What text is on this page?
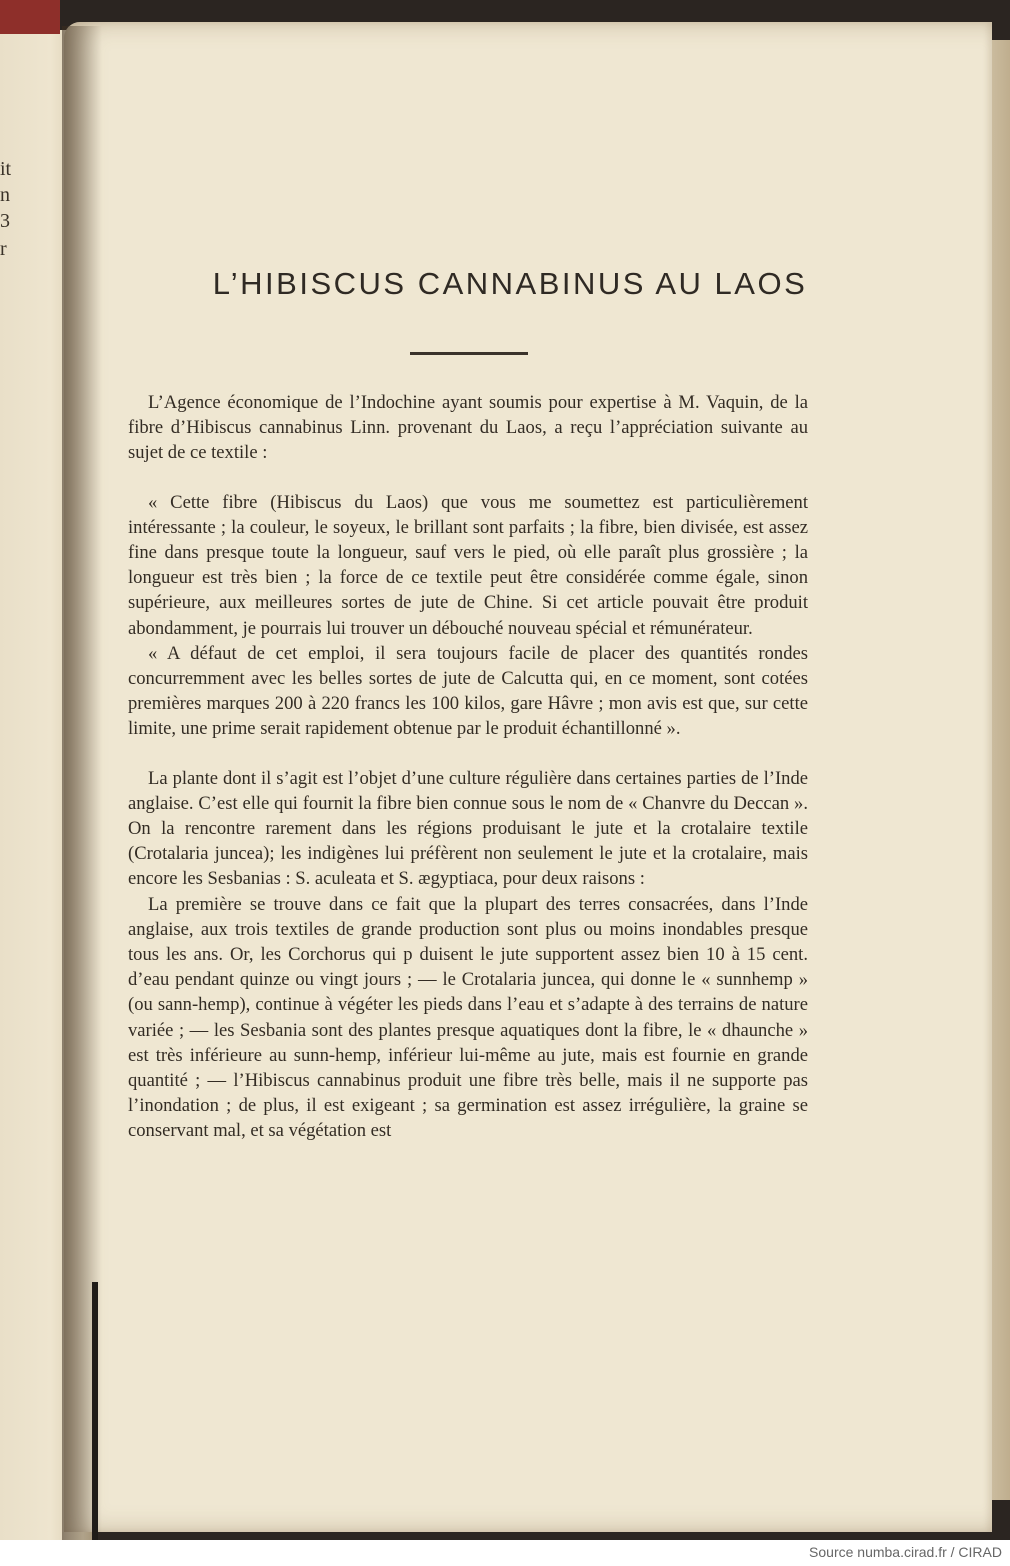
it
n
3
r
L’HIBISCUS CANNABINUS AU LAOS

L’Agence économique de l’Indochine ayant soumis pour expertise à M. Vaquin, de la fibre d’Hibiscus cannabinus Linn. provenant du Laos, a reçu l’appréciation suivante au sujet de ce textile :

« Cette fibre (Hibiscus du Laos) que vous me soumettez est particulièrement intéressante ; la couleur, le soyeux, le brillant sont parfaits ; la fibre, bien divisée, est assez fine dans presque toute la longueur, sauf vers le pied, où elle paraît plus grossière ; la longueur est très bien ; la force de ce textile peut être considérée comme égale, sinon supérieure, aux meilleures sortes de jute de Chine. Si cet article pouvait être produit abondamment, je pourrais lui trouver un débouché nouveau spécial et rémunérateur.

« A défaut de cet emploi, il sera toujours facile de placer des quantités rondes concurremment avec les belles sortes de jute de Calcutta qui, en ce moment, sont cotées premières marques 200 à 220 francs les 100 kilos, gare Hâvre ; mon avis est que, sur cette limite, une prime serait rapidement obtenue par le produit échantillonné ».

La plante dont il s’agit est l’objet d’une culture régulière dans certaines parties de l’Inde anglaise. C’est elle qui fournit la fibre bien connue sous le nom de « Chanvre du Deccan ». On la rencontre rarement dans les régions produisant le jute et la crotalaire textile (Crotalaria juncea); les indigènes lui préfèrent non seulement le jute et la crotalaire, mais encore les Sesbanias : S. aculeata et S. ægyptiaca, pour deux raisons :

La première se trouve dans ce fait que la plupart des terres consacrées, dans l’Inde anglaise, aux trois textiles de grande production sont plus ou moins inondables presque tous les ans. Or, les Corchorus qui p duisent le jute supportent assez bien 10 à 15 cent. d’eau pendant quinze ou vingt jours ; — le Crotalaria juncea, qui donne le « sunnhemp » (ou sann-hemp), continue à végéter les pieds dans l’eau et s’adapte à des terrains de nature variée ; — les Sesbania sont des plantes presque aquatiques dont la fibre, le « dhaunche » est très inférieure au sunn-hemp, inférieur lui-même au jute, mais est fournie en grande quantité ; — l’Hibiscus cannabinus produit une fibre très belle, mais il ne supporte pas l’inondation ; de plus, il est exigeant ; sa germination est assez irrégulière, la graine se conservant mal, et sa végétation est

Source numba.cirad.fr / CIRAD
